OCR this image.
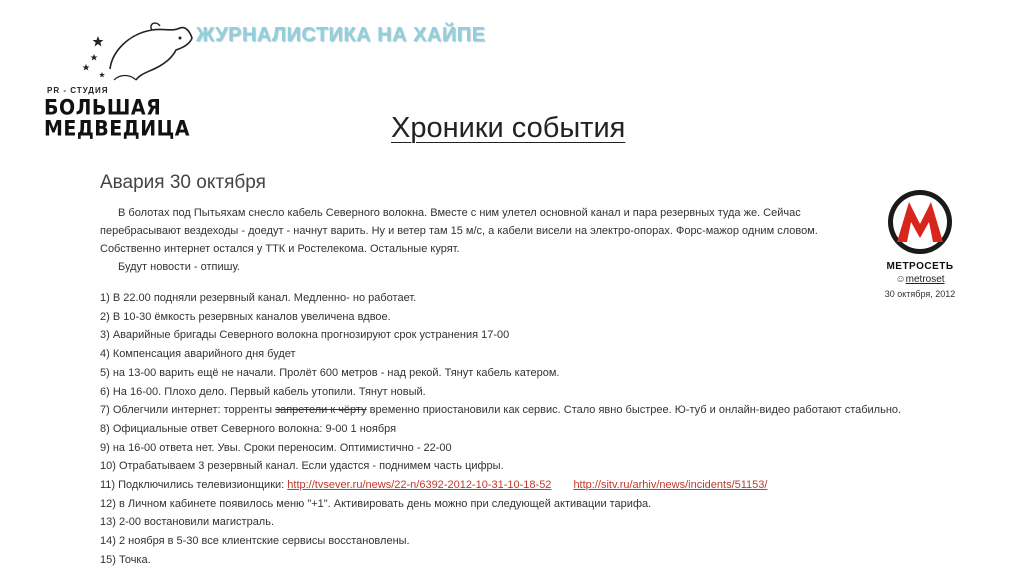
PR - СТУДИЯ
БОЛЬШАЯ
МЕДВЕДИЦА
ЖУРНАЛИСТИКА НА ХАЙПЕ
Хроники события
Авария 30 октября

В болотах под Пытьяхам снесло кабель Северного волокна. Вместе с ним улетел основной канал и пара резервных туда же. Сейчас перебрасывают вездеходы - доедут - начнут варить. Ну и ветер там 15 м/с, а кабели висели на электро-опорах. Форс-мажор одним словом. Собственно интернет остался у ТТК и Ростелекома. Остальные курят.

Будут новости - отпишу.

1) В 22.00 подняли резервный канал. Медленно- но работает.
2) В 10-30 ёмкость резервных каналов увеличена вдвое.
3) Аварийные бригады Северного волокна прогнозируют срок устранения 17-00
4) Компенсация аварийного дня будет
5) на 13-00 варить ещё не начали. Пролёт 600 метров - над рекой. Тянут кабель катером.
6) На 16-00. Плохо дело. Первый кабель утопили. Тянут новый.
7) Облегчили интернет: торренты запретели к чёрту временно приостановили как сервис. Стало явно быстрее. Ю-туб и онлайн-видео работают стабильно.
8) Официальные ответ Северного волокна: 9-00 1 ноября
9) на 16-00 ответа нет. Увы. Сроки переносим. Оптимистично - 22-00
10) Отрабатываем 3 резервный канал. Если удастся - поднимем часть цифры.
11) Подключились телевизионщики: http://tvsever.ru/news/22-n/6392-2012-10-31-10-18-52 http://sitv.ru/arhiv/news/incidents/51153/
12) в Личном кабинете появилось меню "+1". Активировать день можно при следующей активации тарифа.
13) 2-00 востановили магистраль.
14) 2 ноября в 5-30 все клиентские сервисы восстановлены.
15) Точка.
МЕТРОСЕТЬ
☺metroset
30 октября, 2012
